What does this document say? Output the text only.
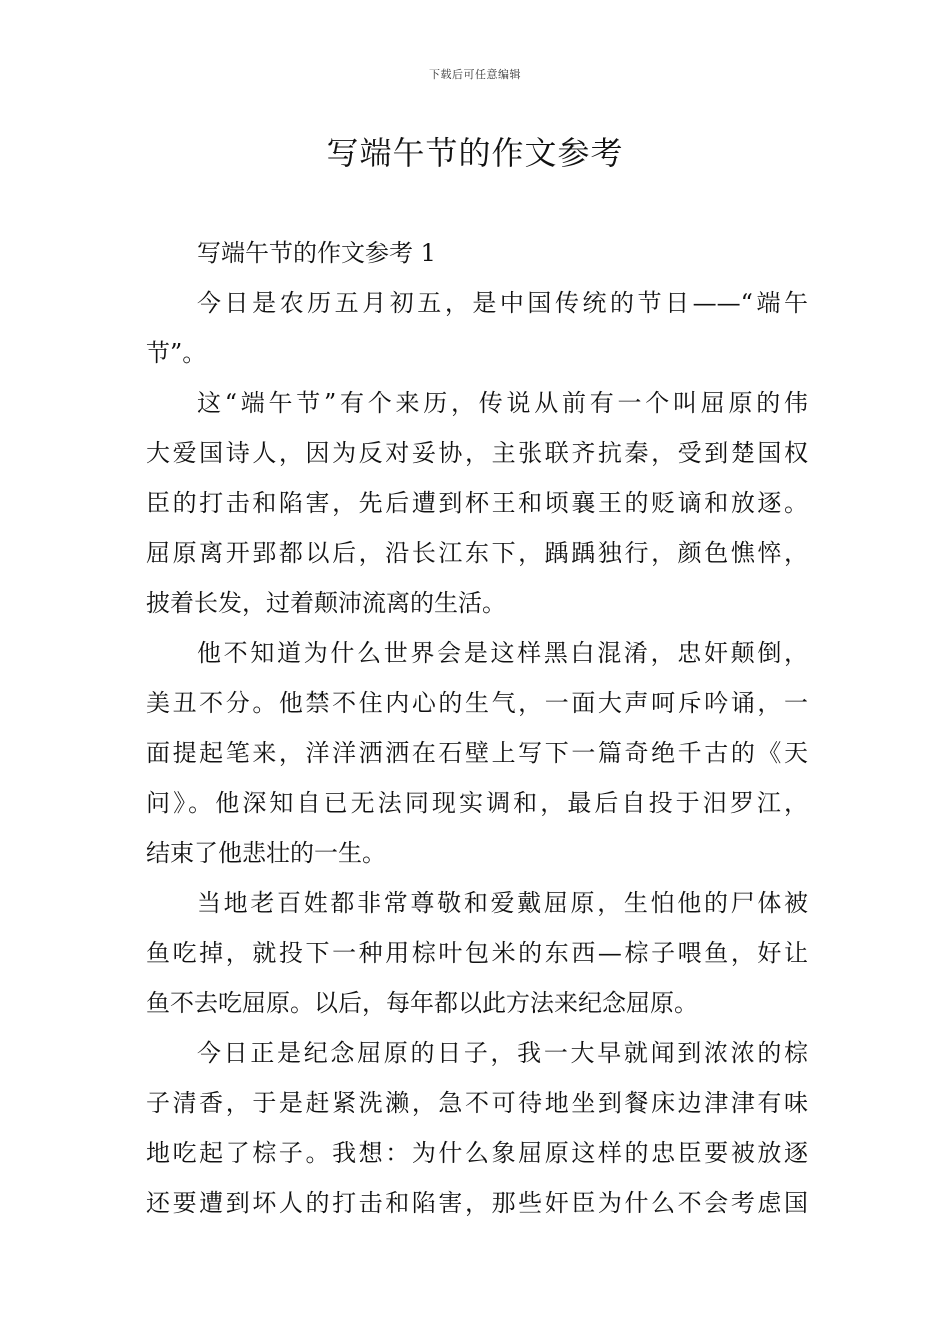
下载后可任意编辑
写端午节的作文参考
写端午节的作文参考 1
今日是农历五月初五，是中国传统的节日——“端午
节”。
这“端午节”有个来历，传说从前有一个叫屈原的伟
大爱国诗人，因为反对妥协，主张联齐抗秦，受到楚国权
臣的打击和陷害，先后遭到杯王和顷襄王的贬谪和放逐。
屈原离开郢都以后，沿长江东下，踽踽独行，颜色憔悴，
披着长发，过着颠沛流离的生活。
他不知道为什么世界会是这样黑白混淆，忠奸颠倒，
美丑不分。他禁不住内心的生气，一面大声呵斥吟诵，一
面提起笔来，洋洋洒洒在石壁上写下一篇奇绝千古的《天
问》。他深知自已无法同现实调和，最后自投于汨罗江，
结束了他悲壮的一生。
当地老百姓都非常尊敬和爱戴屈原，生怕他的尸体被
鱼吃掉，就投下一种用棕叶包米的东西—棕子喂鱼，好让
鱼不去吃屈原。以后，每年都以此方法来纪念屈原。
今日正是纪念屈原的日子，我一大早就闻到浓浓的棕
子清香，于是赶紧洗濑，急不可待地坐到餐床边津津有味
地吃起了棕子。我想：为什么象屈原这样的忠臣要被放逐
还要遭到坏人的打击和陷害，那些奸臣为什么不会考虑国
